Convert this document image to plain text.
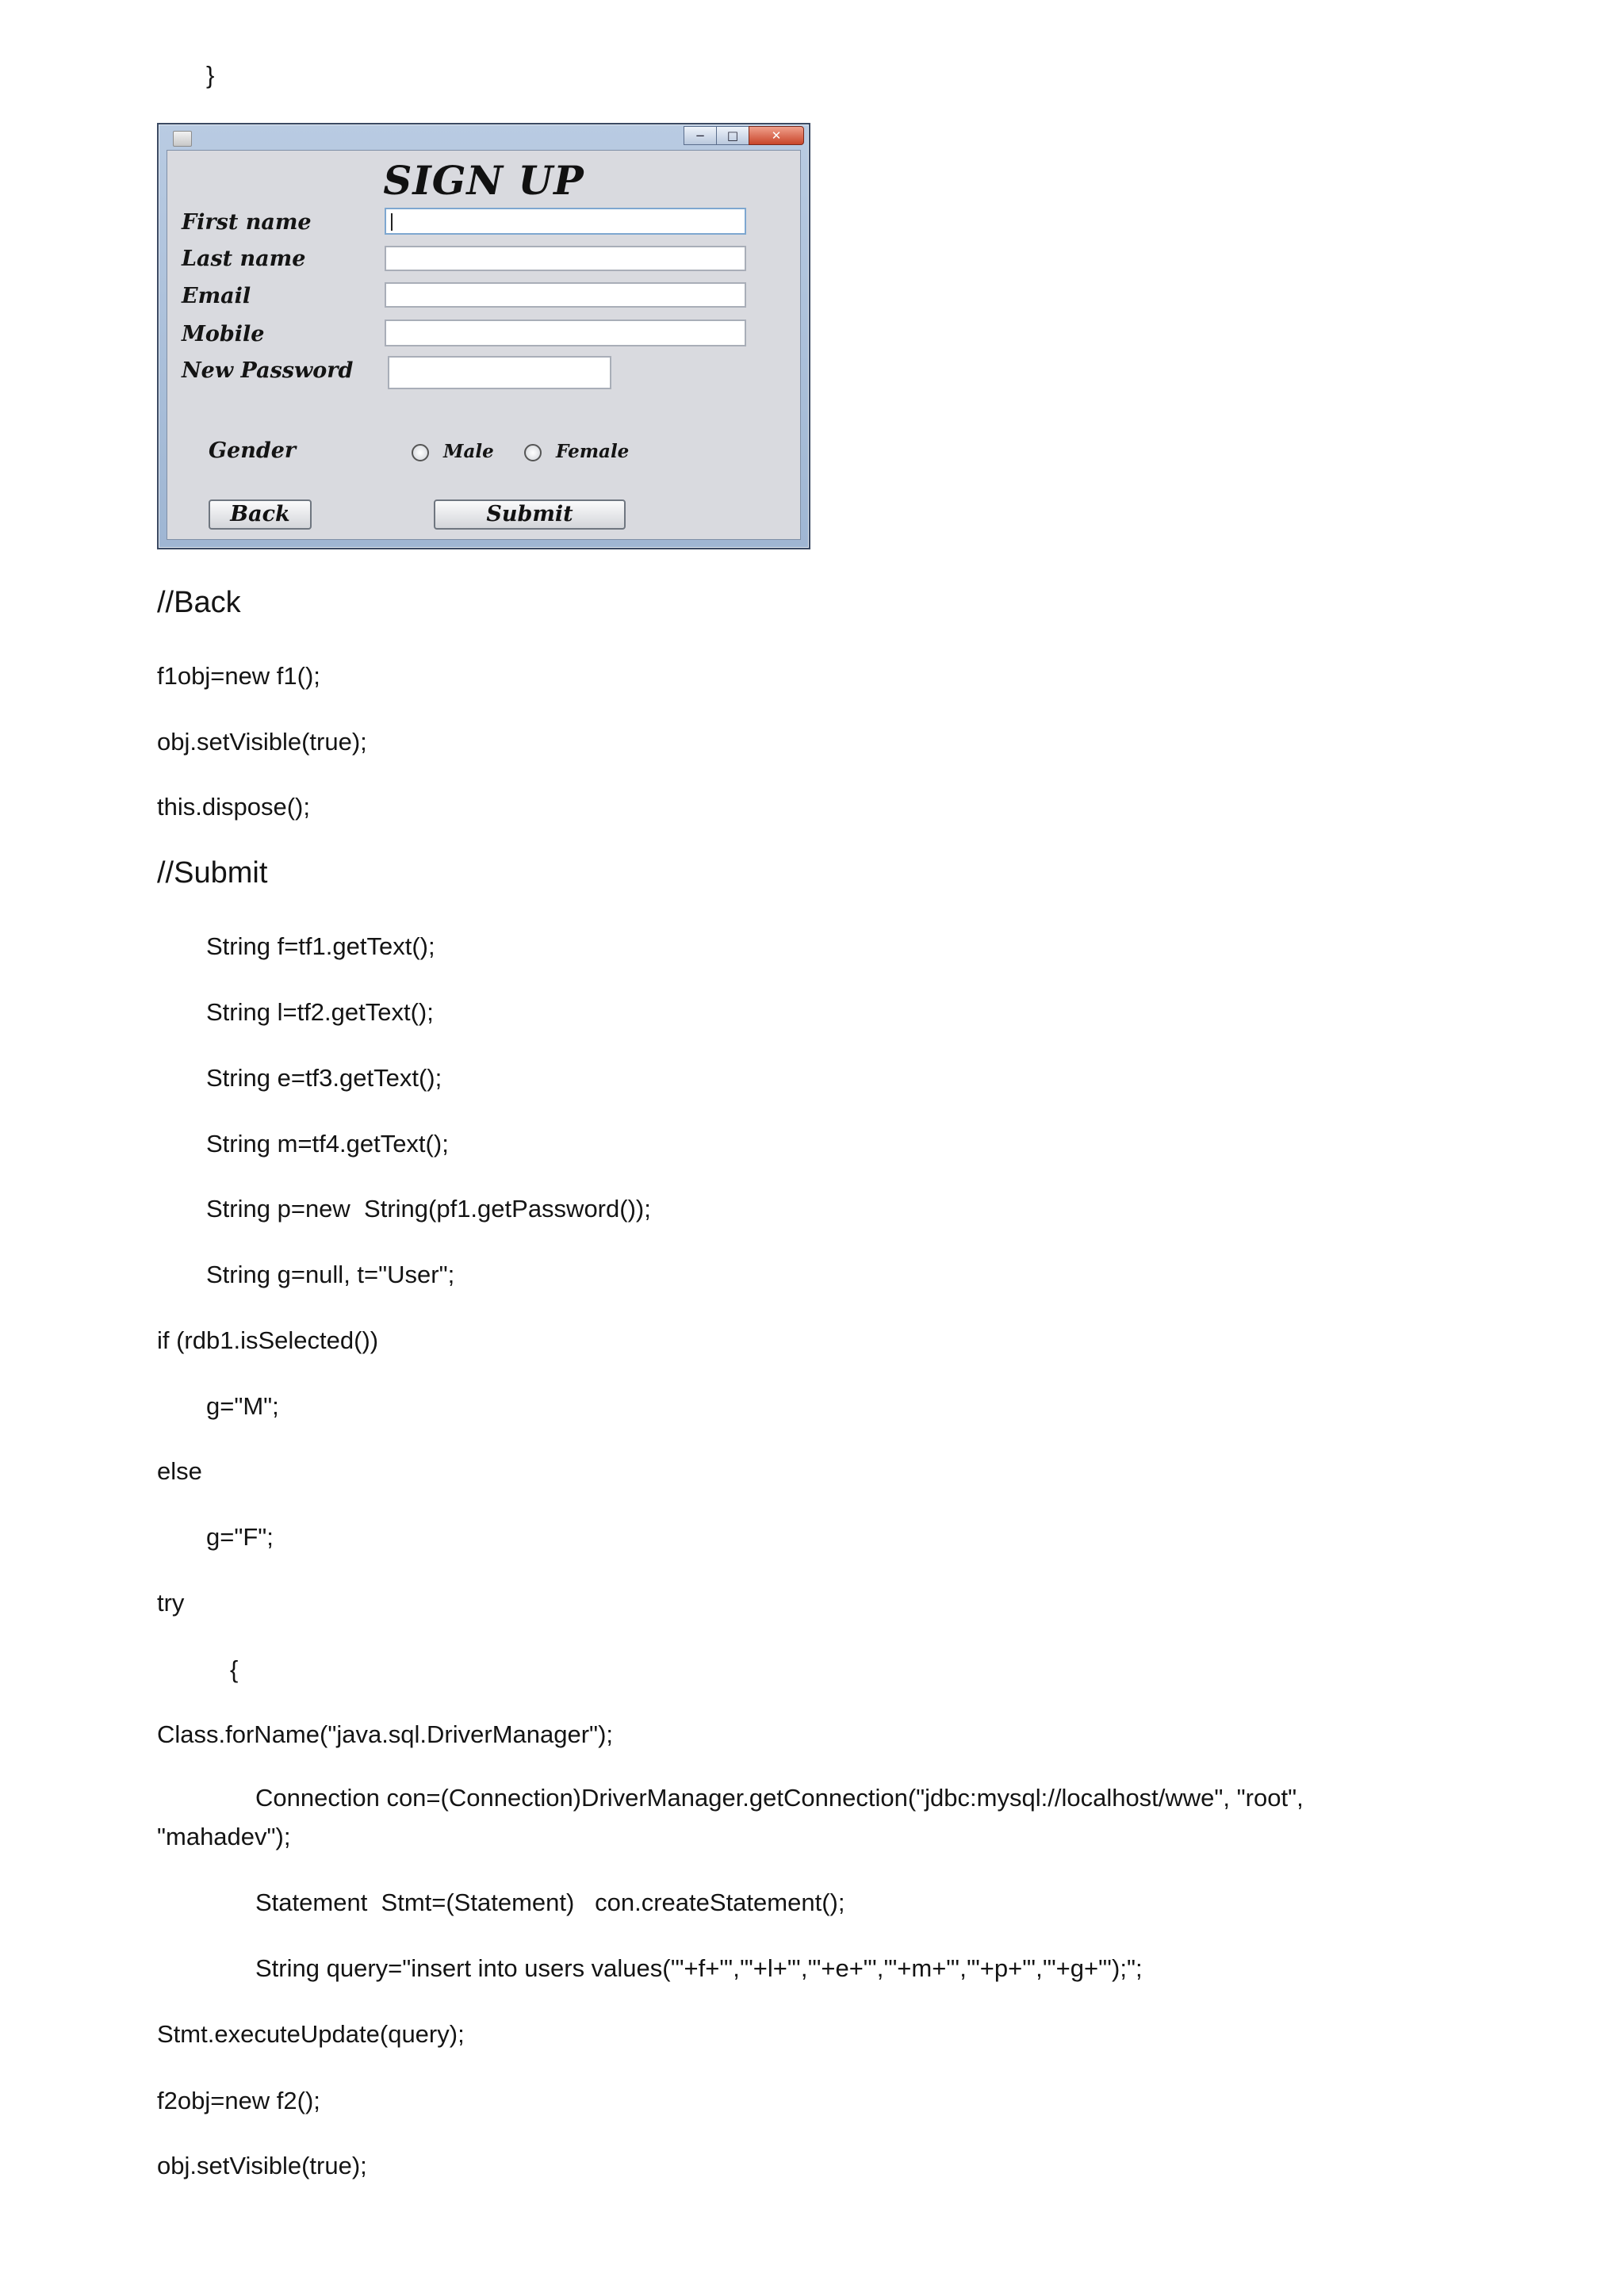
}
−	□	✕
SIGN UP
First name
Last name
Email
Mobile
New Password
Gender	Male	Female
Back	Submit
//Back
f1obj=new f1();
obj.setVisible(true);
this.dispose();
//Submit
String f=tf1.getText();
String l=tf2.getText();
String e=tf3.getText();
String m=tf4.getText();
String p=new  String(pf1.getPassword());
String g=null, t="User";
if (rdb1.isSelected())
g="M";
else
g="F";
try
{
Class.forName("java.sql.DriverManager");
Connection con=(Connection)DriverManager.getConnection("jdbc:mysql://localhost/wwe", "root",
"mahadev");
Statement  Stmt=(Statement)   con.createStatement();
String query="insert into users values('"+f+"','"+l+"','"+e+"','"+m+"','"+p+"','"+g+"');";
Stmt.executeUpdate(query);
f2obj=new f2();
obj.setVisible(true);
